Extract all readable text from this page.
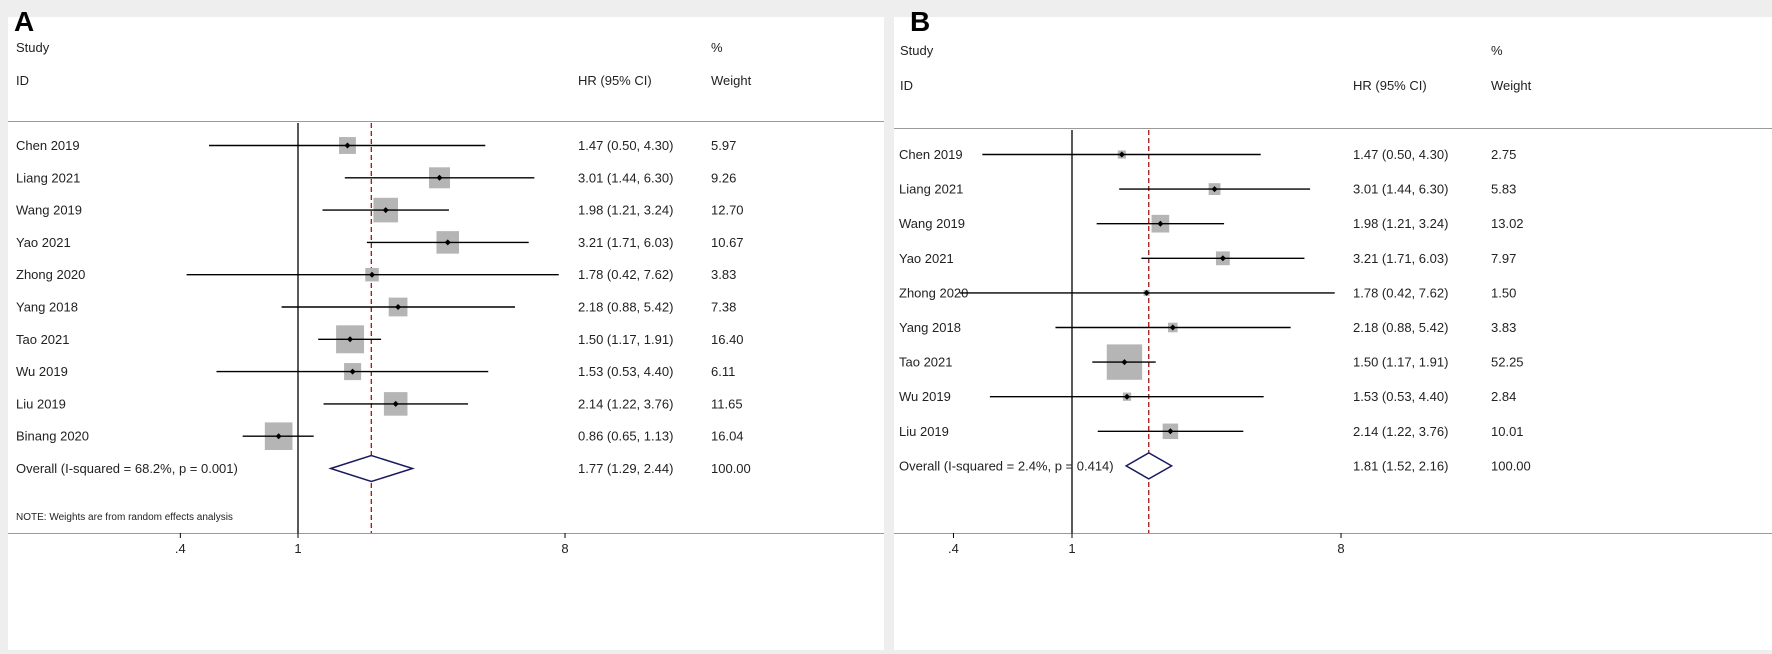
A
Study
ID	HR (95% CI)
%
Weight
Chen 2019	1.47 (0.50, 4.30)	5.97
Liang 2021	3.01 (1.44, 6.30)	9.26
Wang 2019	1.98 (1.21, 3.24)	12.70
Yao 2021	3.21 (1.71, 6.03)	10.67
Zhong 2020	1.78 (0.42, 7.62)	3.83
Yang 2018	2.18 (0.88, 5.42)	7.38
Tao 2021	1.50 (1.17, 1.91)	16.40
Wu 2019	1.53 (0.53, 4.40)	6.11
Liu 2019	2.14 (1.22, 3.76)	11.65
Binang 2020	0.86 (0.65, 1.13)	16.04
Overall (I-squared = 68.2%, p = 0.001)	1.77 (1.29, 2.44)	100.00
NOTE: Weights are from random effects analysis
.4	1	8
B
Study
ID	HR (95% CI)
%
Weight
Chen 2019	1.47 (0.50, 4.30)	2.75
Liang 2021	3.01 (1.44, 6.30)	5.83
Wang 2019	1.98 (1.21, 3.24)	13.02
Yao 2021	3.21 (1.71, 6.03)	7.97
Zhong 2020	1.78 (0.42, 7.62)	1.50
Yang 2018	2.18 (0.88, 5.42)	3.83
Tao 2021	1.50 (1.17, 1.91)	52.25
Wu 2019	1.53 (0.53, 4.40)	2.84
Liu 2019	2.14 (1.22, 3.76)	10.01
Overall (I-squared = 2.4%, p = 0.414)	1.81 (1.52, 2.16)	100.00
.4	1	8
